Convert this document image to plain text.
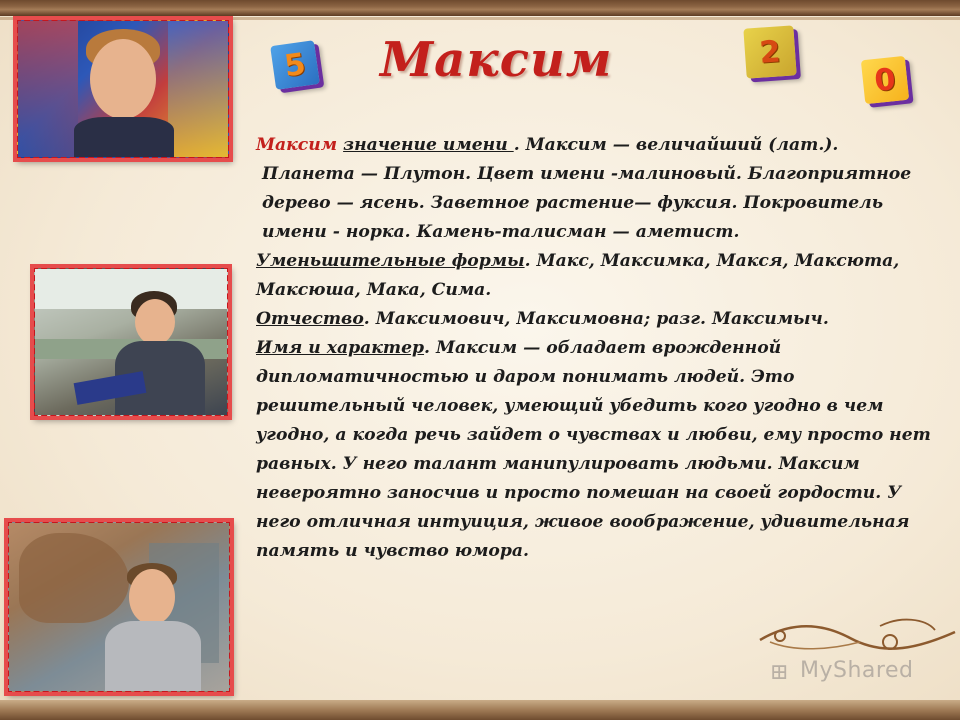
Максим
5	2
0

Максим значение имени . Максим — величайший (лат.).

Планета — Плутон. Цвет имени -малиновый. Благоприятное дерево — ясень. Заветное растение— фуксия. Покровитель имени - норка. Камень-талисман — аметист.

Уменьшительные формы. Макс, Максимка, Макся, Максюта, Максюша, Мака, Сима.

Отчество. Максимович, Максимовна; разг. Максимыч.

Имя и характер. Максим — обладает врожденной дипломатичностью и даром понимать людей. Это решительный человек, умеющий убедить кого угодно в чем угодно, а когда речь зайдет о чувствах и любви, ему просто нет равных. У него талант манипулировать людьми. Максим невероятно заносчив и просто помешан на своей гордости. У него отличная интуиция, живое воображение, удивительная память и чувство юмора.

⊞ MyShared
